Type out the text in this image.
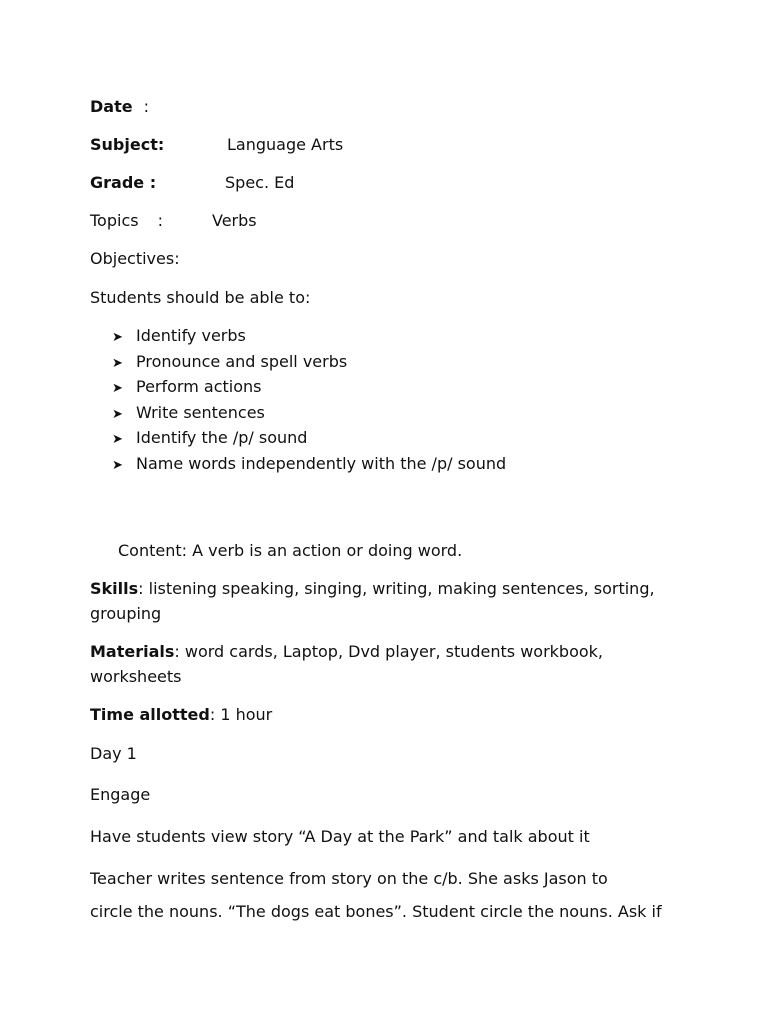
Date :
Subject:	Language Arts
Grade :	Spec. Ed
Topics :	Verbs
Objectives:
Students should be able to:
➤ Identify verbs
➤ Pronounce and spell verbs
➤ Perform actions
➤ Write sentences
➤ Identify the /p/ sound
➤ Name words independently with the /p/ sound
Content: A verb is an action or doing word.
Skills: listening speaking, singing, writing, making sentences, sorting,
grouping
Materials: word cards, Laptop, Dvd player, students workbook,
worksheets
Time allotted: 1 hour
Day 1
Engage
Have students view story “A Day at the Park” and talk about it
Teacher writes sentence from story on the c/b. She asks Jason to
circle the nouns. “The dogs eat bones”. Student circle the nouns. Ask if
